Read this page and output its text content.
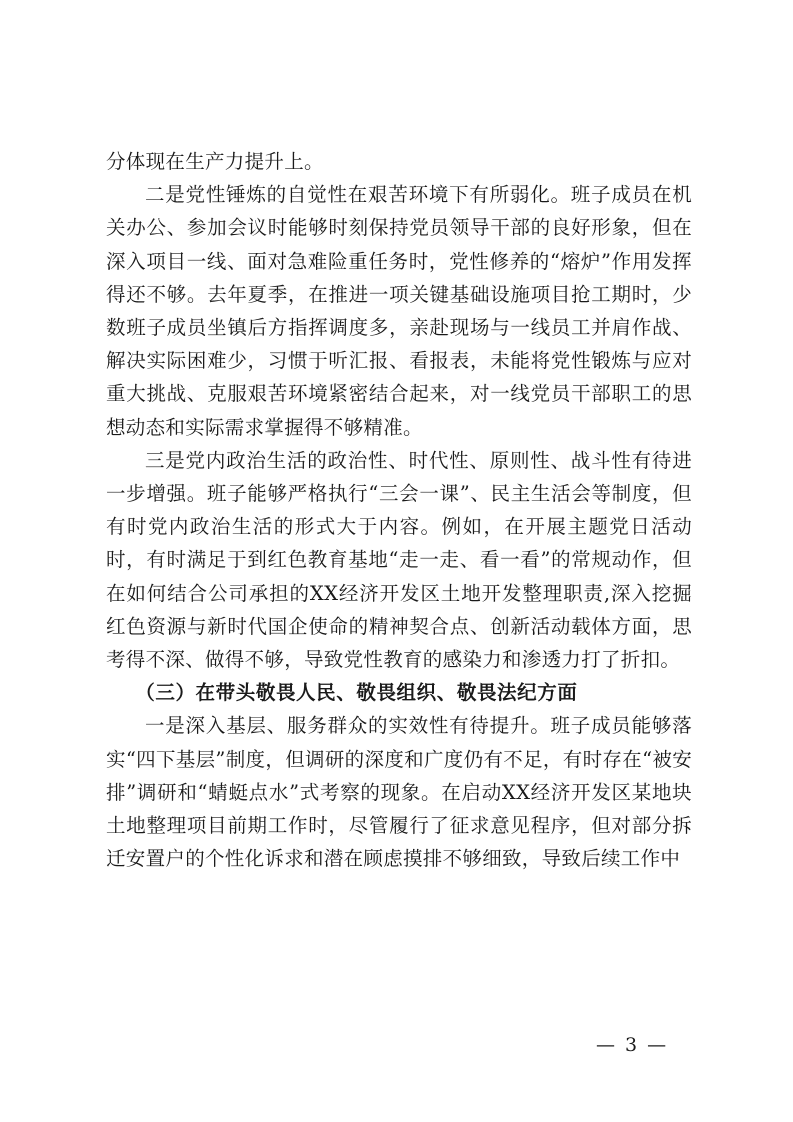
分体现在生产力提升上。

二是党性锤炼的自觉性在艰苦环境下有所弱化。班子成员在机关办公、参加会议时能够时刻保持党员领导干部的良好形象，但在深入项目一线、面对急难险重任务时，党性修养的“熔炉”作用发挥得还不够。去年夏季，在推进一项关键基础设施项目抢工期时，少数班子成员坐镇后方指挥调度多，亲赴现场与一线员工并肩作战、解决实际困难少，习惯于听汇报、看报表，未能将党性锻炼与应对重大挑战、克服艰苦环境紧密结合起来，对一线党员干部职工的思想动态和实际需求掌握得不够精准。

三是党内政治生活的政治性、时代性、原则性、战斗性有待进一步增强。班子能够严格执行“三会一课”、民主生活会等制度，但有时党内政治生活的形式大于内容。例如，在开展主题党日活动时，有时满足于到红色教育基地“走一走、看一看”的常规动作，但在如何结合公司承担的XX经济开发区土地开发整理职责,深入挖掘红色资源与新时代国企使命的精神契合点、创新活动载体方面，思考得不深、做得不够，导致党性教育的感染力和渗透力打了折扣。

（三）在带头敬畏人民、敬畏组织、敬畏法纪方面

一是深入基层、服务群众的实效性有待提升。班子成员能够落实“四下基层”制度，但调研的深度和广度仍有不足，有时存在“被安排”调研和“蜻蜓点水”式考察的现象。在启动XX经济开发区某地块土地整理项目前期工作时，尽管履行了征求意见程序，但对部分拆迁安置户的个性化诉求和潜在顾虑摸排不够细致，导致后续工作中

— 3 —
